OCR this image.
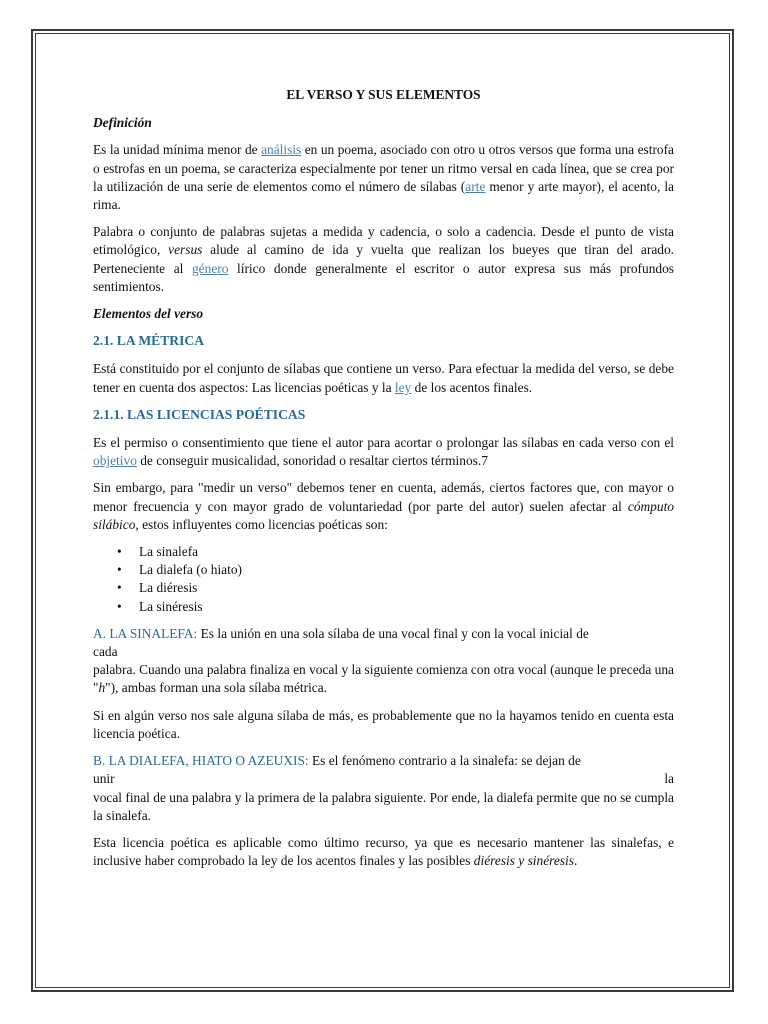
EL VERSO Y SUS ELEMENTOS
Definición

Es la unidad mínima menor de análisis en un poema, asociado con otro u otros versos que forma una estrofa o estrofas en un poema, se caracteriza especialmente por tener un ritmo versal en cada línea, que se crea por la utilización de una serie de elementos como el número de sílabas (arte menor y arte mayor), el acento, la rima.

Palabra o conjunto de palabras sujetas a medida y cadencia, o solo a cadencia. Desde el punto de vista etimológico, versus alude al camino de ida y vuelta que realizan los bueyes que tiran del arado. Perteneciente al género lírico donde generalmente el escritor o autor expresa sus más profundos sentimientos.

Elementos del verso
2.1. LA MÉTRICA

Está constituido por el conjunto de sílabas que contiene un verso. Para efectuar la medida del verso, se debe tener en cuenta dos aspectos: Las licencias poéticas y la ley de los acentos finales.

2.1.1. LAS LICENCIAS POÉTICAS

Es el permiso o consentimiento que tiene el autor para acortar o prolongar las sílabas en cada verso con el objetivo de conseguir musicalidad, sonoridad o resaltar ciertos términos.7

Sin embargo, para "medir un verso" debemos tener en cuenta, además, ciertos factores que, con mayor o menor frecuencia y con mayor grado de voluntariedad (por parte del autor) suelen afectar al cómputo silábico, estos influyentes como licencias poéticas son:

• La sinalefa
• La dialefa (o hiato)
• La diéresis
• La sinéresis

A. LA SINALEFA: Es la unión en una sola sílaba de una vocal final y con la vocal inicial de
cada
palabra. Cuando una palabra finaliza en vocal y la siguiente comienza con otra vocal (aunque le preceda una "h"), ambas forman una sola sílaba métrica.

Si en algún verso nos sale alguna sílaba de más, es probablemente que no la hayamos tenido en cuenta esta licencia poética.

B. LA DIALEFA, HIATO O AZEUXIS: Es el fenómeno contrario a la sinalefa: se dejan de

unir	la

vocal final de una palabra y la primera de la palabra siguiente. Por ende, la dialefa permite que no se cumpla la sinalefa.

Esta licencia poética es aplicable como último recurso, ya que es necesario mantener las sinalefas, e inclusive haber comprobado la ley de los acentos finales y las posibles diéresis y sinéresis.
